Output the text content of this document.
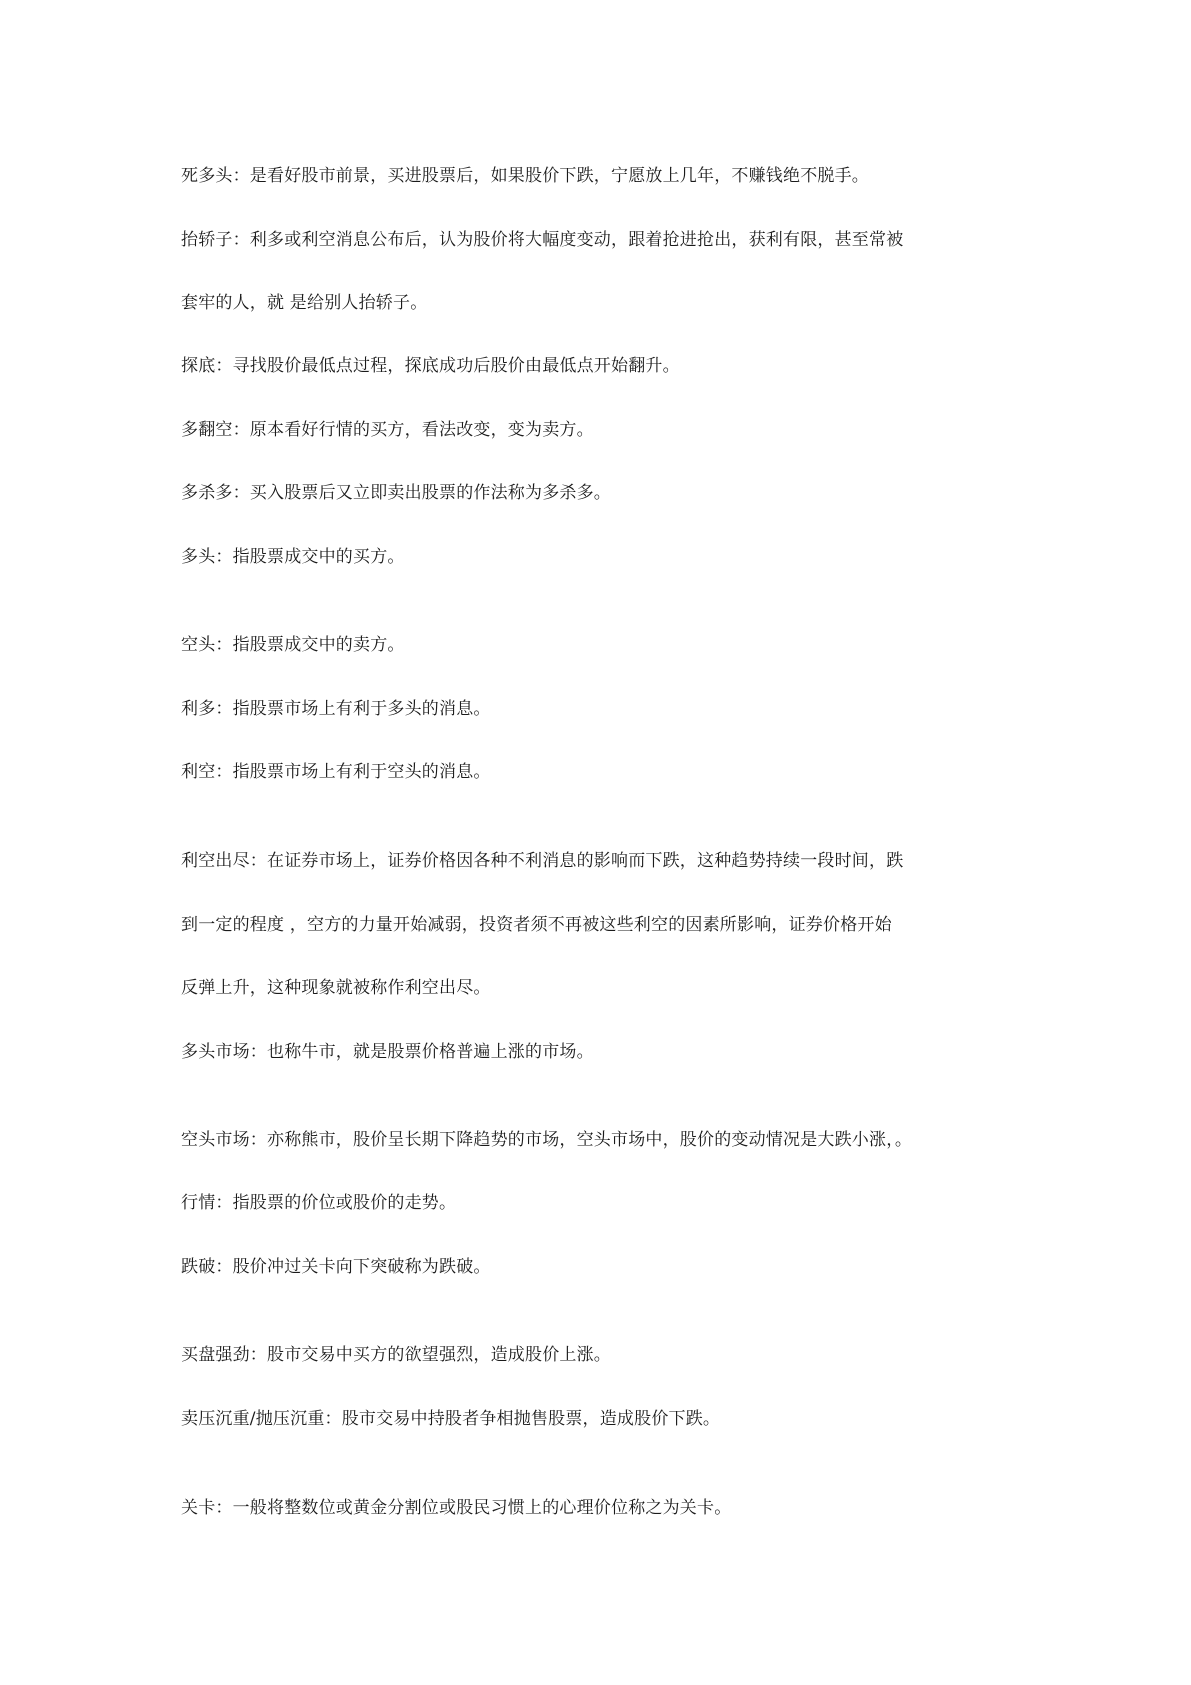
死多头：是看好股市前景，买进股票后，如果股价下跌，宁愿放上几年，不赚钱绝不脱手。
抬轿子：利多或利空消息公布后，认为股价将大幅度变动，跟着抢进抢出，获利有限，甚至常被
套牢的人，就 是给别人抬轿子。
探底：寻找股价最低点过程，探底成功后股价由最低点开始翻升。
多翻空：原本看好行情的买方，看法改变，变为卖方。
多杀多：买入股票后又立即卖出股票的作法称为多杀多。
多头：指股票成交中的买方。
空头：指股票成交中的卖方。
利多：指股票市场上有利于多头的消息。
利空：指股票市场上有利于空头的消息。
利空出尽：在证券市场上，证券价格因各种不利消息的影响而下跌，这种趋势持续一段时间，跌
到一定的程度 ，空方的力量开始减弱，投资者须不再被这些利空的因素所影响，证券价格开始
反弹上升，这种现象就被称作利空出尽。
多头市场：也称牛市，就是股票价格普遍上涨的市场。
空头市场：亦称熊市，股价呈长期下降趋势的市场，空头市场中，股价的变动情况是大跌小涨，。
行情：指股票的价位或股价的走势。
跌破：股价冲过关卡向下突破称为跌破。
买盘强劲：股市交易中买方的欲望强烈，造成股价上涨。
卖压沉重/抛压沉重：股市交易中持股者争相抛售股票，造成股价下跌。
关卡：一般将整数位或黄金分割位或股民习惯上的心理价位称之为关卡。
